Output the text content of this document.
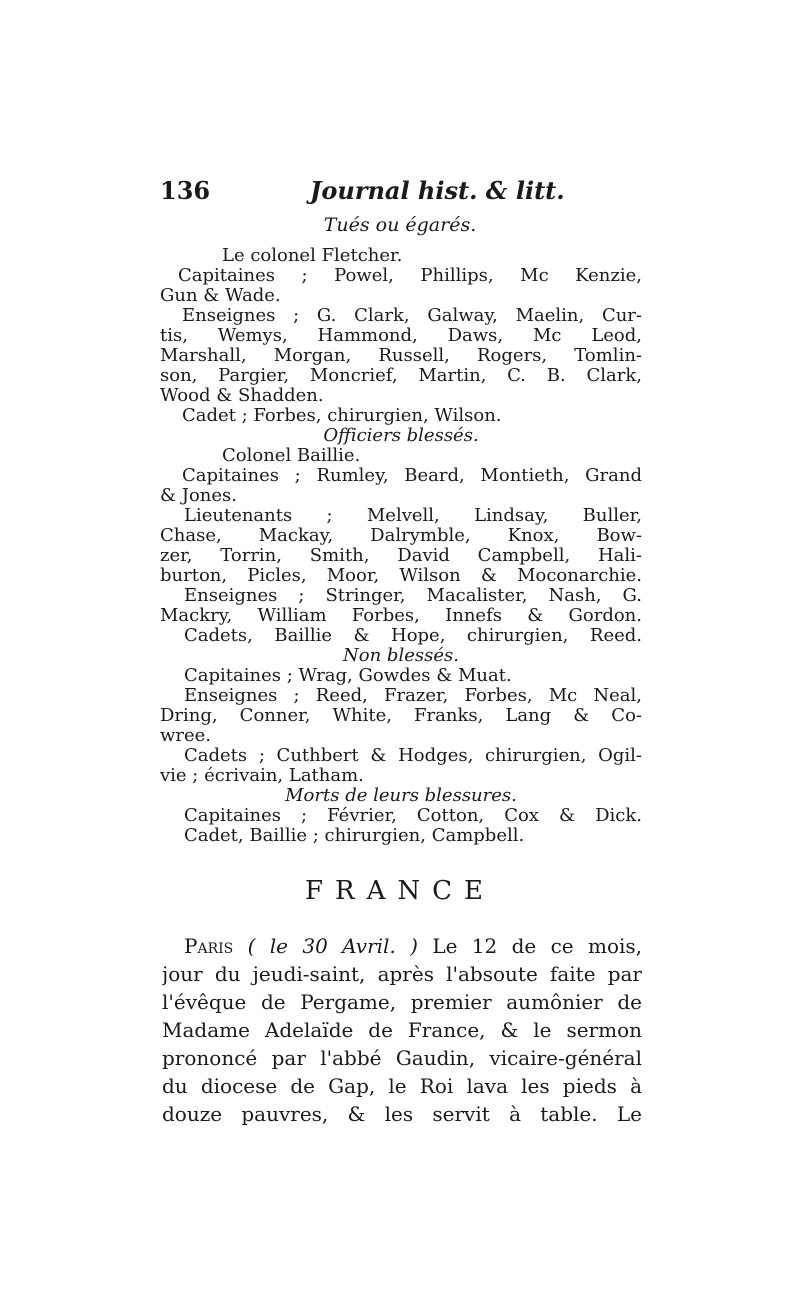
136	Journal hist. & litt.
Tués ou égarés.
Le colonel Fletcher.
Capitaines ; Powel, Phillips, Mc Kenzie,
Gun & Wade.
Enseignes ; G. Clark, Galway, Maelin, Cur-
tis, Wemys, Hammond, Daws, Mc Leod,
Marshall, Morgan, Russell, Rogers, Tomlin-
son, Pargier, Moncrief, Martin, C. B. Clark,
Wood & Shadden.
Cadet ; Forbes, chirurgien, Wilson.
Officiers blessés.
Colonel Baillie.
Capitaines ; Rumley, Beard, Montieth, Grand
& Jones.
Lieutenants ; Melvell, Lindsay, Buller,
Chase, Mackay, Dalrymble, Knox, Bow-
zer, Torrin, Smith, David Campbell, Hali-
burton, Picles, Moor, Wilson & Moconarchie.
Enseignes ; Stringer, Macalister, Nash, G.
Mackry, William Forbes, Innefs & Gordon.
Cadets, Baillie & Hope, chirurgien, Reed.
Non blessés.
Capitaines ; Wrag, Gowdes & Muat.
Enseignes ; Reed, Frazer, Forbes, Mc Neal,
Dring, Conner, White, Franks, Lang & Co-
wree.
Cadets ; Cuthbert & Hodges, chirurgien, Ogil-
vie ; écrivain, Latham.
Morts de leurs blessures.
Capitaines ; Février, Cotton, Cox & Dick.
Cadet, Baillie ; chirurgien, Campbell.
FRANCE
Paris ( le 30 Avril. ) Le 12 de ce mois,
jour du jeudi-saint, après l'absoute faite par
l'évêque de Pergame, premier aumônier de
Madame Adelaïde de France, & le sermon
prononcé par l'abbé Gaudin, vicaire-général
du diocese de Gap, le Roi lava les pieds à
douze pauvres, & les servit à table. Le
